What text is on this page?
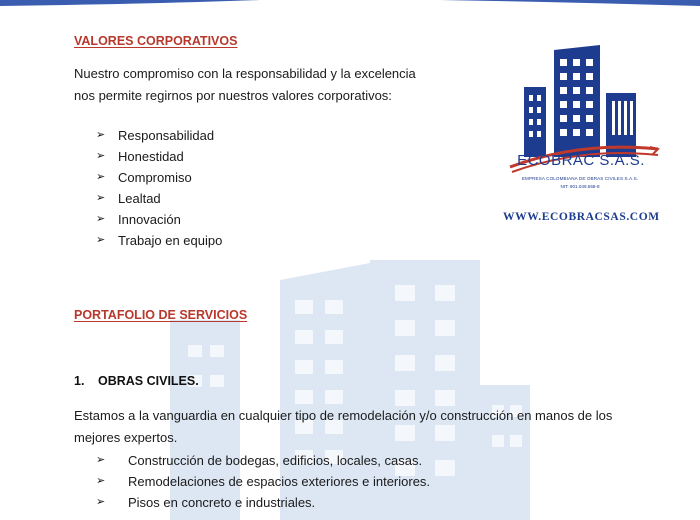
VALORES CORPORATIVOS
Nuestro compromiso con la responsabilidad y la excelencia
nos permite regirnos por nuestros valores corporativos:
➢ Responsabilidad
➢ Honestidad
➢ Compromiso
➢ Lealtad
➢ Innovación
➢ Trabajo en equipo
ECOBRAC S.A.S.
EMPRESA COLOMBIANA DE OBRAS CIVILES S.A.S.
NIT: 901.049.558-8
WWW.ECOBRACSAS.COM
PORTAFOLIO DE SERVICIOS
1. OBRAS CIVILES.
Estamos a la vanguardia en cualquier tipo de remodelación y/o construcción en manos de los
mejores expertos.
➢ Construcción de bodegas, edificios, locales, casas.
➢ Remodelaciones de espacios exteriores e interiores.
➢ Pisos en concreto e industriales.
